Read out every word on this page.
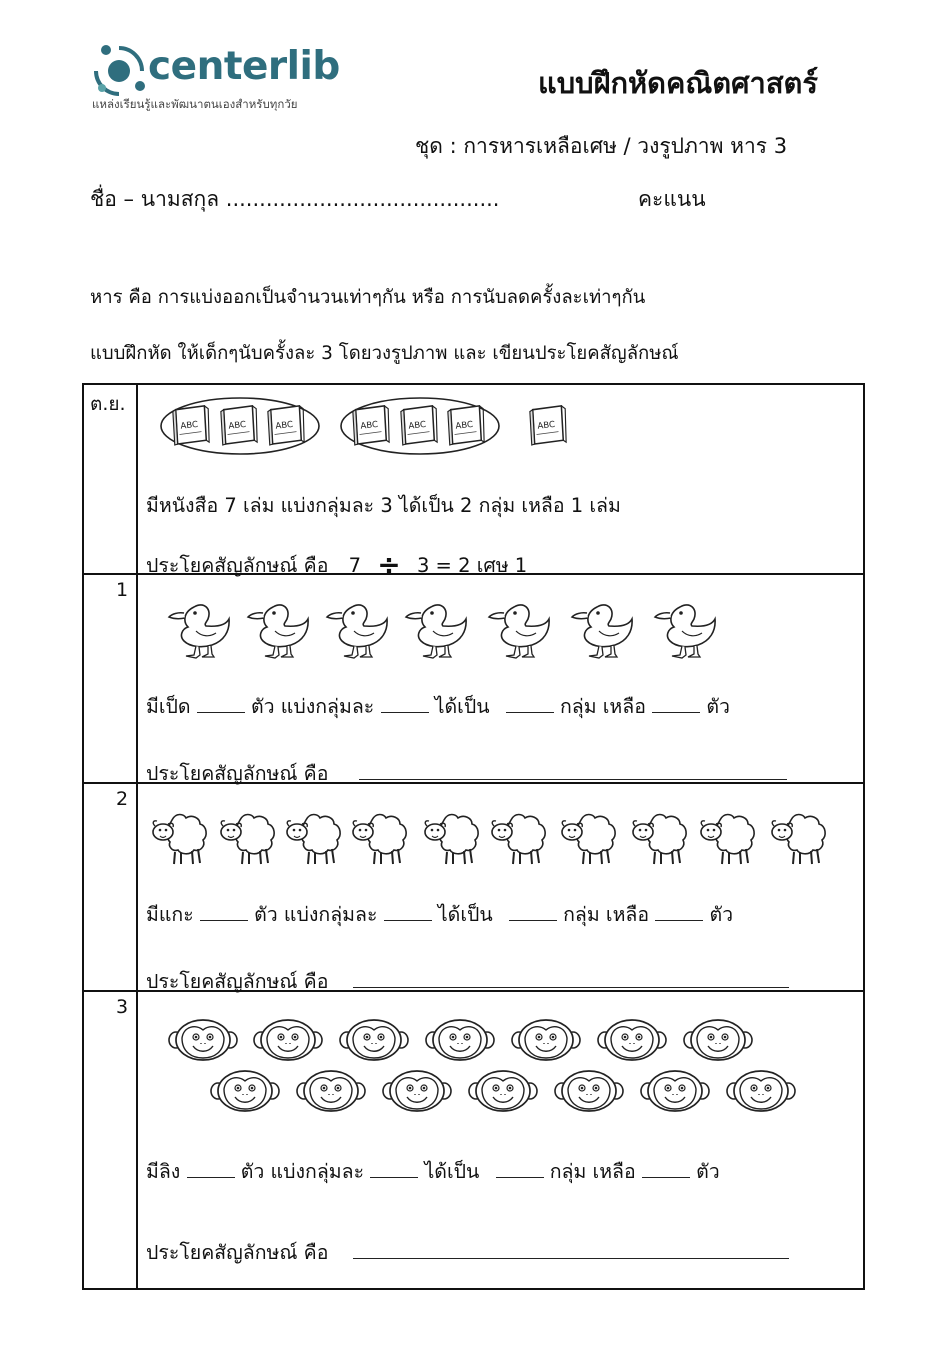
centerlib
แหล่งเรียนรู้และพัฒนาตนเองสำหรับทุกวัย
แบบฝึกหัดคณิตศาสตร์
ชุด : การหารเหลือเศษ / วงรูปภาพ หาร 3
ชื่อ – นามสกุล .........................................	คะแนน
หาร คือ การแบ่งออกเป็นจำนวนเท่าๆกัน หรือ การนับลดครั้งละเท่าๆกัน
แบบฝึกหัด ให้เด็กๆนับครั้งละ 3 โดยวงรูปภาพ และ เขียนประโยคสัญลักษณ์
ต.ย.
มีหนังสือ 7 เล่ม แบ่งกลุ่มละ 3 ได้เป็น 2 กลุ่ม เหลือ 1 เล่ม
ประโยคสัญลักษณ์ คือ 7 ÷ 3 = 2 เศษ 1
1
มีเป็ด	ตัว แบ่งกลุ่มละ	ได้เป็น	กลุ่ม เหลือ	ตัว
ประโยคสัญลักษณ์ คือ
2
มีแกะ	ตัว แบ่งกลุ่มละ	ได้เป็น	กลุ่ม เหลือ	ตัว
ประโยคสัญลักษณ์ คือ
3
มีลิง	ตัว แบ่งกลุ่มละ	ได้เป็น	กลุ่ม เหลือ	ตัว
ประโยคสัญลักษณ์ คือ
